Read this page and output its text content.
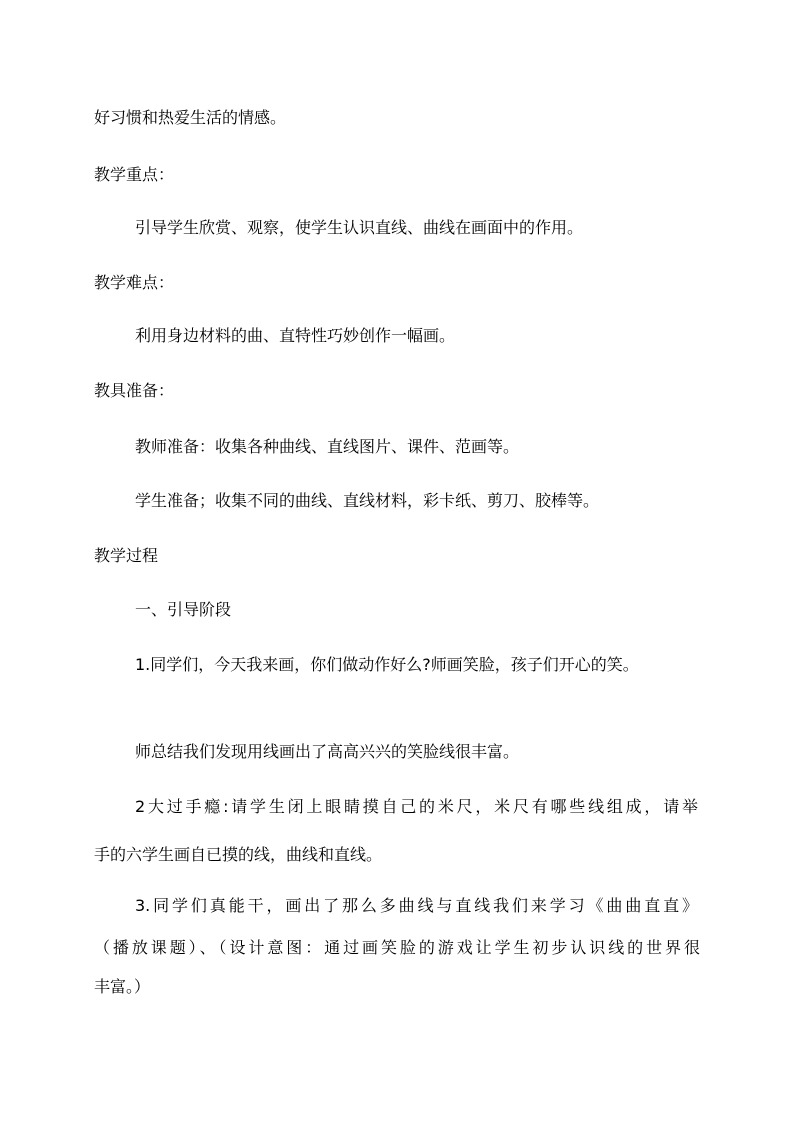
好习惯和热爱生活的情感。
教学重点：
引导学生欣赏、观察，使学生认识直线、曲线在画面中的作用。
教学难点：
利用身边材料的曲、直特性巧妙创作一幅画。
教具准备：
教师准备：收集各种曲线、直线图片、课件、范画等。
学生准备；收集不同的曲线、直线材料，彩卡纸、剪刀、胶棒等。
教学过程
一、引导阶段
1.同学们，今天我来画，你们做动作好么?师画笑脸，孩子们开心的笑。
师总结我们发现用线画出了高高兴兴的笑脸线很丰富。
2大过手瘾:请学生闭上眼睛摸自己的米尺，米尺有哪些线组成，请举
手的六学生画自已摸的线，曲线和直线。
3.同学们真能干，画出了那么多曲线与直线我们来学习《曲曲直直》
（播放课题）、（设计意图：通过画笑脸的游戏让学生初步认识线的世界很
丰富。）
